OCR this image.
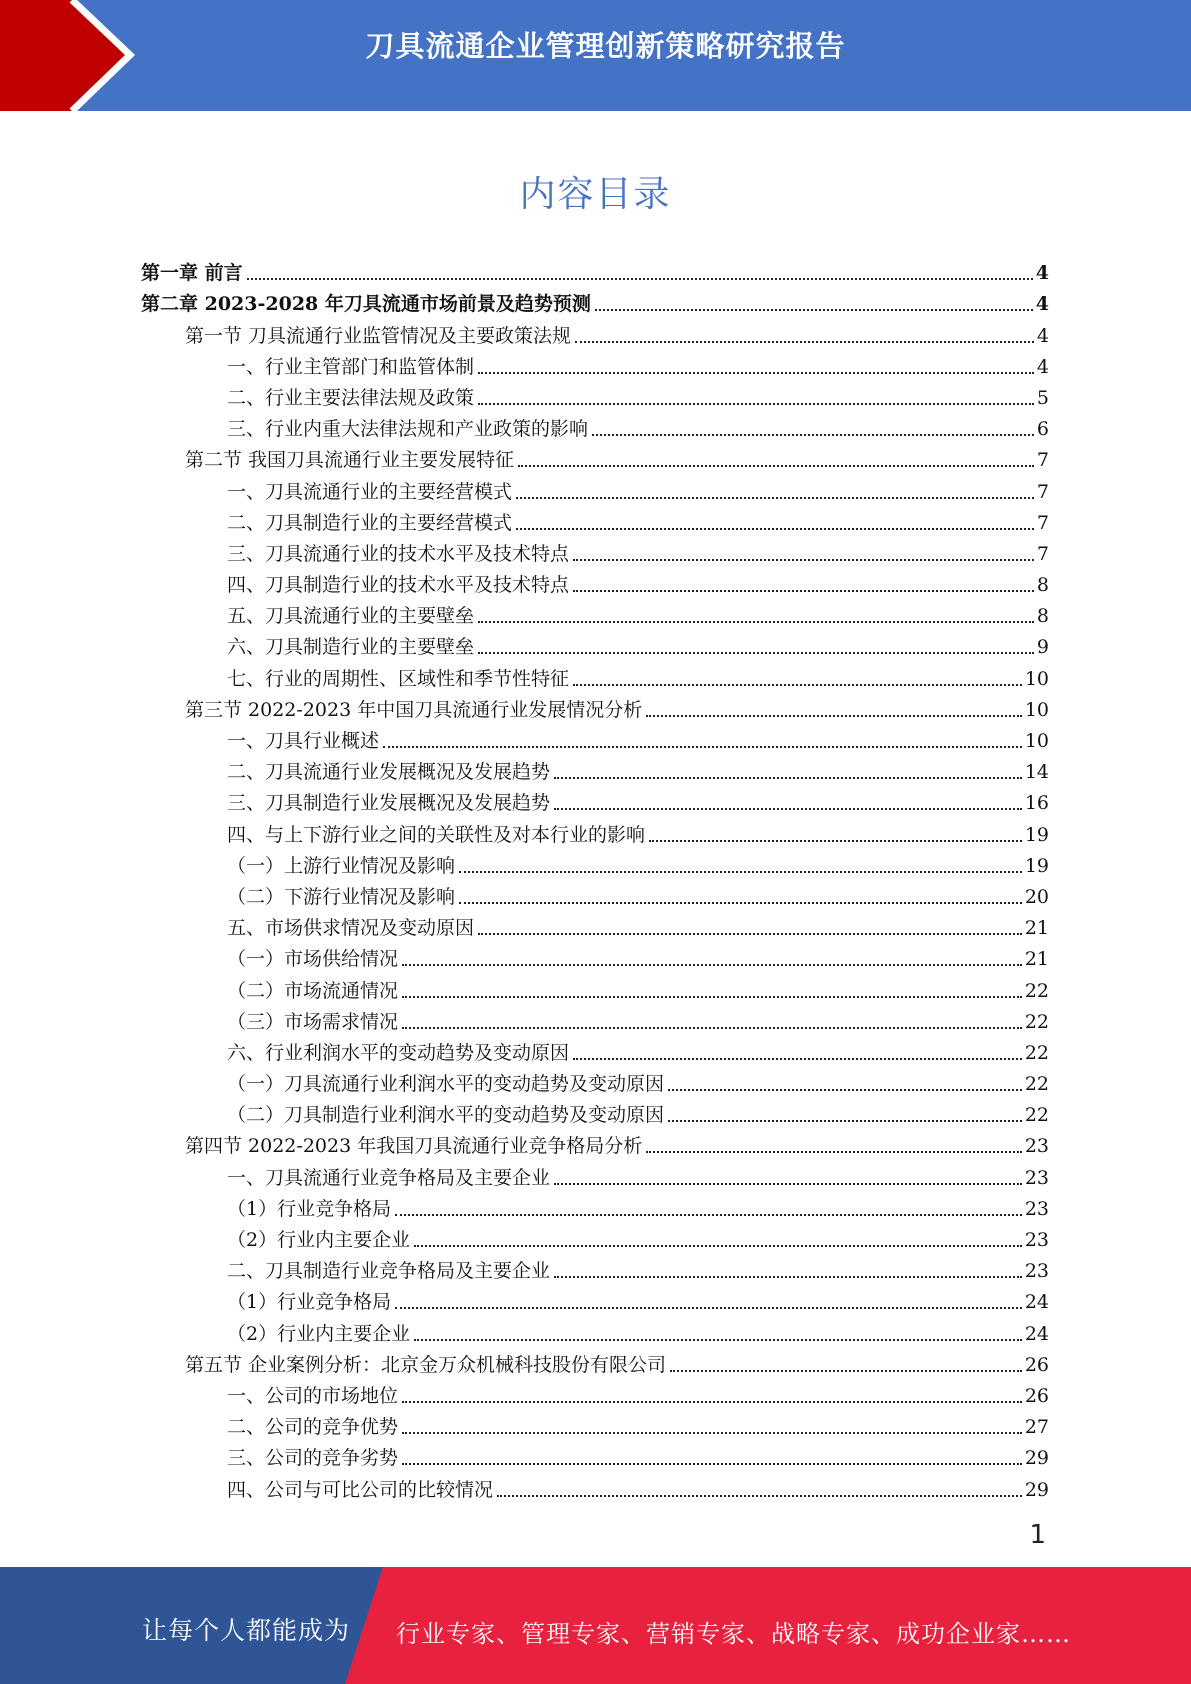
刀具流通企业管理创新策略研究报告
内容目录
第一章 前言	4
第二章 2023-2028 年刀具流通市场前景及趋势预测	4
第一节 刀具流通行业监管情况及主要政策法规	4
一、行业主管部门和监管体制	4
二、行业主要法律法规及政策	5
三、行业内重大法律法规和产业政策的影响	6
第二节 我国刀具流通行业主要发展特征	7
一、刀具流通行业的主要经营模式	7
二、刀具制造行业的主要经营模式	7
三、刀具流通行业的技术水平及技术特点	7
四、刀具制造行业的技术水平及技术特点	8
五、刀具流通行业的主要壁垒	8
六、刀具制造行业的主要壁垒	9
七、行业的周期性、区域性和季节性特征	10
第三节 2022-2023 年中国刀具流通行业发展情况分析	10
一、刀具行业概述	10
二、刀具流通行业发展概况及发展趋势	14
三、刀具制造行业发展概况及发展趋势	16
四、与上下游行业之间的关联性及对本行业的影响	19
（一）上游行业情况及影响	19
（二）下游行业情况及影响	20
五、市场供求情况及变动原因	21
（一）市场供给情况	21
（二）市场流通情况	22
（三）市场需求情况	22
六、行业利润水平的变动趋势及变动原因	22
（一）刀具流通行业利润水平的变动趋势及变动原因	22
（二）刀具制造行业利润水平的变动趋势及变动原因	22
第四节 2022-2023 年我国刀具流通行业竞争格局分析	23
一、刀具流通行业竞争格局及主要企业	23
（1）行业竞争格局	23
（2）行业内主要企业	23
二、刀具制造行业竞争格局及主要企业	23
（1）行业竞争格局	24
（2）行业内主要企业	24
第五节 企业案例分析：北京金万众机械科技股份有限公司	26
一、公司的市场地位	26
二、公司的竞争优势	27
三、公司的竞争劣势	29
四、公司与可比公司的比较情况	29
1
让每个人都能成为 行业专家、管理专家、营销专家、战略专家、成功企业家……
